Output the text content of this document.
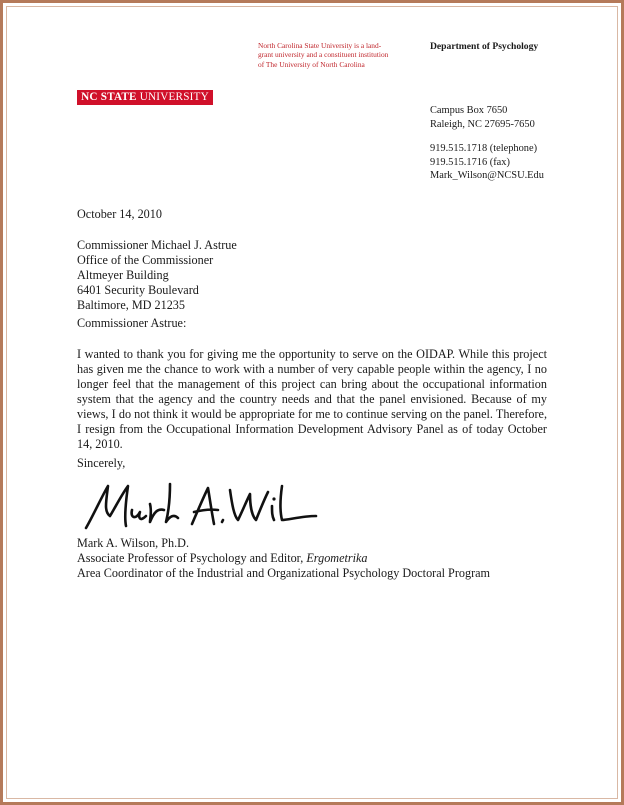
North Carolina State University is a land-
grant university and a constituent institution
of The University of North Carolina
Department of Psychology
NC STATE UNIVERSITY
Campus Box 7650
Raleigh, NC 27695-7650
919.515.1718 (telephone)
919.515.1716 (fax)
Mark_Wilson@NCSU.Edu
October 14, 2010
Commissioner Michael J. Astrue
Office of the Commissioner
Altmeyer Building
6401 Security Boulevard
Baltimore, MD 21235
Commissioner Astrue:
I wanted to thank you for giving me the opportunity to serve on the OIDAP. While this project has given me the chance to work with a number of very capable people within the agency, I no longer feel that the management of this project can bring about the occupational information system that the agency and the country needs and that the panel envisioned. Because of my views, I do not think it would be appropriate for me to continue serving on the panel. Therefore, I resign from the Occupational Information Development Advisory Panel as of today October 14, 2010.
Sincerely,
Mark A. Wilson, Ph.D.
Associate Professor of Psychology and Editor, Ergometrika
Area Coordinator of the Industrial and Organizational Psychology Doctoral Program
